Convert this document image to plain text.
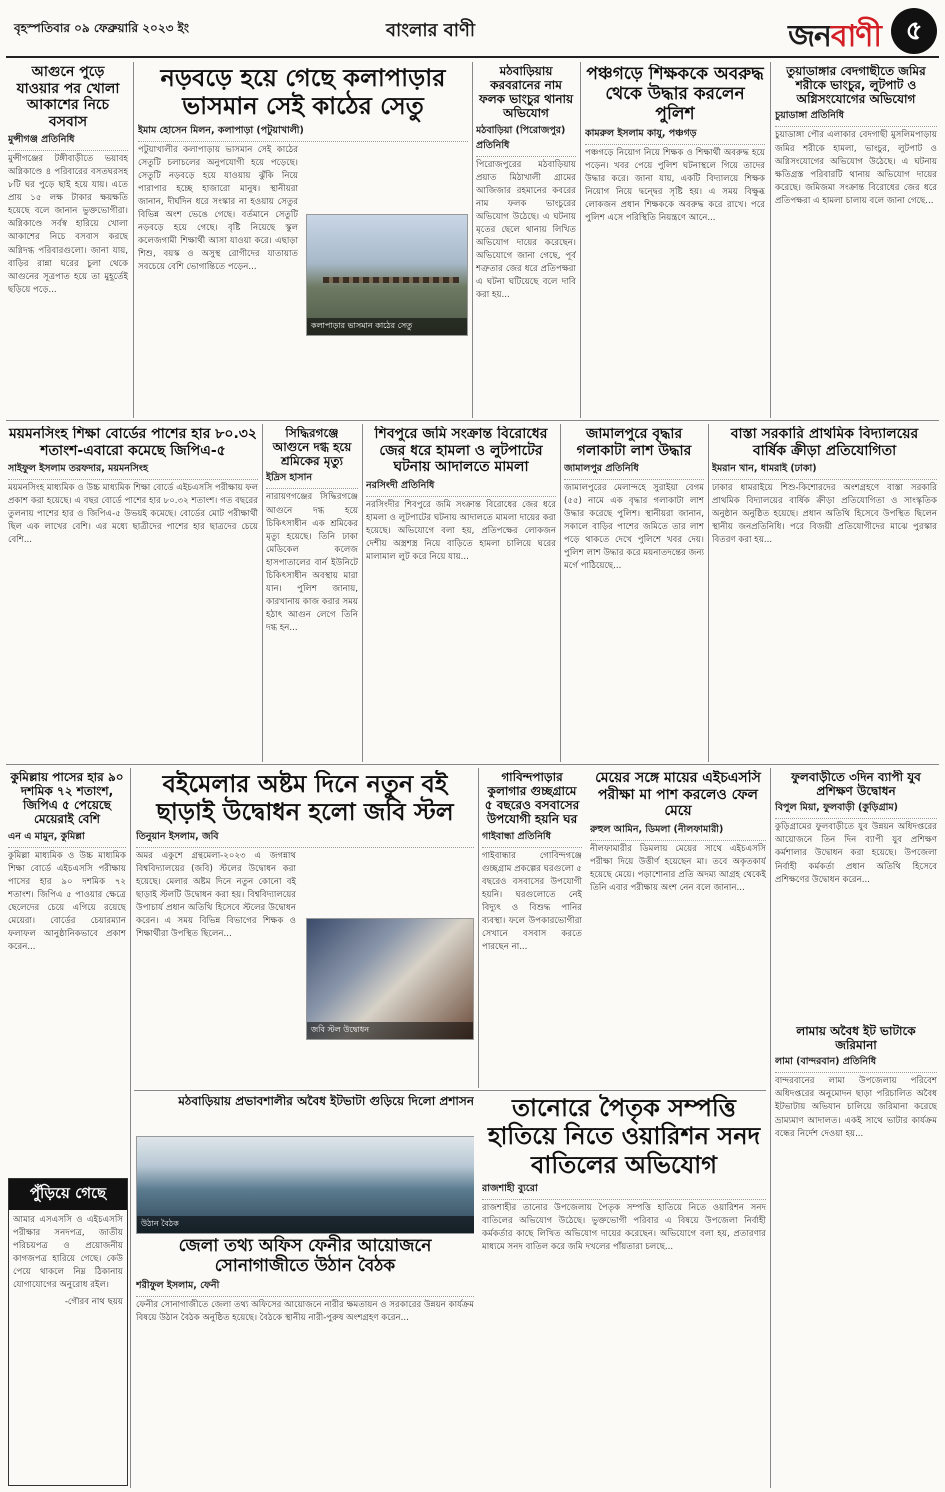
বৃহস্পতিবার ০৯ ফেব্রুয়ারি ২০২৩ ইং	বাংলার বাণী	জনবাণী ৫
আগুনে পুড়ে যাওয়ার পর খোলা আকাশের নিচে বসবাস
মুন্সীগঞ্জ প্রতিনিধি
মুন্সীগঞ্জের টঙ্গীবাড়ীতে ভয়াবহ অগ্নিকাণ্ডে ৪ পরিবারের বসতঘরসহ ৮টি ঘর পুড়ে ছাই হয়ে যায়। এতে প্রায় ১৫ লক্ষ টাকার ক্ষয়ক্ষতি হয়েছে বলে জানান ভুক্তভোগীরা। অগ্নিকাণ্ডে সর্বস্ব হারিয়ে খোলা আকাশের নিচে বসবাস করছে অগ্নিদগ্ধ পরিবারগুলো। জানা যায়, বাড়ির রান্না ঘরের চুলা থেকে আগুনের সূত্রপাত হয়ে তা মুহূর্তেই ছড়িয়ে পড়ে...
নড়বড়ে হয়ে গেছে কলাপাড়ার ভাসমান সেই কাঠের সেতু
ইমাম হোসেন মিলন, কলাপাড়া (পটুয়াখালী)
পটুয়াখালীর কলাপাড়ায় ভাসমান সেই কাঠের সেতুটি চলাচলের অনুপযোগী হয়ে পড়েছে। সেতুটি নড়বড়ে হয়ে যাওয়ায় ঝুঁকি নিয়ে পারাপার হচ্ছে হাজারো মানুষ। স্থানীয়রা জানান, দীর্ঘদিন ধরে সংস্কার না হওয়ায় সেতুর বিভিন্ন অংশ ভেঙে গেছে। বর্তমানে সেতুটি নড়বড়ে হয়ে গেছে। বৃষ্টি নিয়েছে স্কুল কলেজগামী শিক্ষার্থী আসা যাওয়া করে। এছাড়া শিশু, বয়স্ক ও অসুস্থ রোগীদের যাতায়াত সবচেয়ে বেশি ভোগান্তিতে পড়েন...
কলাপাড়ার ভাসমান কাঠের সেতু
মঠবাড়িয়ায় করবরানের নাম ফলক ভাংচুর থানায় অভিযোগ
মঠবাড়িয়া (পিরোজপুর) প্রতিনিধি
পিরোজপুরের মঠবাড়িয়ায় প্রয়াত মিঠাখালী গ্রামের আজিজার রহমানের কবরের নাম ফলক ভাংচুরের অভিযোগ উঠেছে। এ ঘটনায় মৃতের ছেলে থানায় লিখিত অভিযোগ দায়ের করেছেন। অভিযোগে জানা গেছে, পূর্ব শত্রুতার জের ধরে প্রতিপক্ষরা এ ঘটনা ঘটিয়েছে বলে দাবি করা হয়...
পঞ্চগড়ে শিক্ষককে অবরুদ্ধ থেকে উদ্ধার করলেন পুলিশ
কামরুল ইসলাম কাযু, পঞ্চগড়
পঞ্চগড়ে নিয়োগ নিয়ে শিক্ষক ও শিক্ষার্থী অবরুদ্ধ হয়ে পড়েন। খবর পেয়ে পুলিশ ঘটনাস্থলে গিয়ে তাদের উদ্ধার করে। জানা যায়, একটি বিদ্যালয়ে শিক্ষক নিয়োগ নিয়ে দ্বন্দ্বের সৃষ্টি হয়। এ সময় বিক্ষুব্ধ লোকজন প্রধান শিক্ষককে অবরুদ্ধ করে রাখে। পরে পুলিশ এসে পরিস্থিতি নিয়ন্ত্রণে আনে...
তুয়াডাঙ্গার বেদগাছীতে জমির শরীকে ভাংচুর, লুটপাট ও অগ্নিসংযোগের অভিযোগ
চুয়াডাঙ্গা প্রতিনিধি
চুয়াডাঙ্গা পৌর এলাকার বেদগাছী মুসলিমপাড়ায় জমির শরীকে হামলা, ভাংচুর, লুটপাট ও অগ্নিসংযোগের অভিযোগ উঠেছে। এ ঘটনায় ক্ষতিগ্রস্ত পরিবারটি থানায় অভিযোগ দায়ের করেছে। জমিজমা সংক্রান্ত বিরোধের জের ধরে প্রতিপক্ষরা এ হামলা চালায় বলে জানা গেছে...
ময়মনসিংহ শিক্ষা বোর্ডের পাশের হার ৮০.৩২ শতাংশ-এবারো কমেছে জিপিএ-৫
সাইফুল ইসলাম তরফদার, ময়মনসিংহ
ময়মনসিংহ মাধ্যমিক ও উচ্চ মাধ্যমিক শিক্ষা বোর্ডে এইচএসসি পরীক্ষায় ফল প্রকাশ করা হয়েছে। এ বছর বোর্ডে পাশের হার ৮০.৩২ শতাংশ। গত বছরের তুলনায় পাশের হার ও জিপিএ-৫ উভয়ই কমেছে। বোর্ডের মোট পরীক্ষার্থী ছিল এক লাখের বেশি। এর মধ্যে ছাত্রীদের পাশের হার ছাত্রদের চেয়ে বেশি...
সিদ্ধিরগঞ্জে আগুনে দগ্ধ হয়ে শ্রমিকের মৃত্যু
ইদ্রিস হাসান
নারায়ণগঞ্জের সিদ্ধিরগঞ্জে আগুনে দগ্ধ হয়ে চিকিৎসাধীন এক শ্রমিকের মৃত্যু হয়েছে। তিনি ঢাকা মেডিকেল কলেজ হাসপাতালের বার্ন ইউনিটে চিকিৎসাধীন অবস্থায় মারা যান। পুলিশ জানায়, কারখানায় কাজ করার সময় হঠাৎ আগুন লেগে তিনি দগ্ধ হন...
শিবপুরে জমি সংক্রান্ত বিরোধের জের ধরে হামলা ও লুটপাটের ঘটনায় আদালতে মামলা
নরসিংদী প্রতিনিধি
নরসিংদীর শিবপুরে জমি সংক্রান্ত বিরোধের জের ধরে হামলা ও লুটপাটের ঘটনায় আদালতে মামলা দায়ের করা হয়েছে। অভিযোগে বলা হয়, প্রতিপক্ষের লোকজন দেশীয় অস্ত্রশস্ত্র নিয়ে বাড়িতে হামলা চালিয়ে ঘরের মালামাল লুট করে নিয়ে যায়...
জামালপুরে বৃদ্ধার গলাকাটা লাশ উদ্ধার
জামালপুর প্রতিনিধি
জামালপুরের মেলান্দহে সুরাইয়া বেগম (৫৫) নামে এক বৃদ্ধার গলাকাটা লাশ উদ্ধার করেছে পুলিশ। স্থানীয়রা জানান, সকালে বাড়ির পাশের জমিতে তার লাশ পড়ে থাকতে দেখে পুলিশে খবর দেয়। পুলিশ লাশ উদ্ধার করে ময়নাতদন্তের জন্য মর্গে পাঠিয়েছে...
বাস্তা সরকারি প্রাথমিক বিদ্যালয়ের বার্ষিক ক্রীড়া প্রতিযোগিতা
ইমরান খান, ধামরাই (ঢাকা)
ঢাকার ধামরাইয়ে শিশু-কিশোরদের অংশগ্রহণে বাস্তা সরকারি প্রাথমিক বিদ্যালয়ের বার্ষিক ক্রীড়া প্রতিযোগিতা ও সাংস্কৃতিক অনুষ্ঠান অনুষ্ঠিত হয়েছে। প্রধান অতিথি হিসেবে উপস্থিত ছিলেন স্থানীয় জনপ্রতিনিধি। পরে বিজয়ী প্রতিযোগীদের মাঝে পুরস্কার বিতরণ করা হয়...
কুমিল্লায় পাসের হার ৯০ দশমিক ৭২ শতাংশ, জিপিএ ৫ পেয়েছে মেয়েরাই বেশি
এন এ মামুন, কুমিল্লা
কুমিল্লা মাধ্যমিক ও উচ্চ মাধ্যমিক শিক্ষা বোর্ডে এইচএসসি পরীক্ষায় পাসের হার ৯০ দশমিক ৭২ শতাংশ। জিপিএ ৫ পাওয়ার ক্ষেত্রে ছেলেদের চেয়ে এগিয়ে রয়েছে মেয়েরা। বোর্ডের চেয়ারম্যান ফলাফল আনুষ্ঠানিকভাবে প্রকাশ করেন...
পুঁড়িয়ে গেছে
আমার এসএসসি ও এইচএসসি পরীক্ষার সনদপত্র, জাতীয় পরিচয়পত্র ও প্রয়োজনীয় কাগজপত্র হারিয়ে গেছে। কেউ পেয়ে থাকলে নিম্ন ঠিকানায় যোগাযোগের অনুরোধ রইল।
-গৌরব নাথ ছয়য়
বইমেলার অষ্টম দিনে নতুন বই ছাড়াই উদ্বোধন হলো জবি স্টল
তিনুয়ান ইসলাম, জবি
অমর একুশে গ্রন্থমেলা-২০২৩ এ জগন্নাথ বিশ্ববিদ্যালয়ের (জবি) স্টলের উদ্বোধন করা হয়েছে। মেলার অষ্টম দিনে নতুন কোনো বই ছাড়াই স্টলটি উদ্বোধন করা হয়। বিশ্ববিদ্যালয়ের উপাচার্য প্রধান অতিথি হিসেবে স্টলের উদ্বোধন করেন। এ সময় বিভিন্ন বিভাগের শিক্ষক ও শিক্ষার্থীরা উপস্থিত ছিলেন...
জবি স্টল উদ্বোধন
গাবিন্দপাড়ার কুলাগার গুচ্ছগ্রামে ৫ বছরেও বসবাসের উপযোগী হয়নি ঘর
গাইবান্ধা প্রতিনিধি
গাইবান্ধার গোবিন্দগঞ্জে গুচ্ছগ্রাম প্রকল্পের ঘরগুলো ৫ বছরেও বসবাসের উপযোগী হয়নি। ঘরগুলোতে নেই বিদ্যুৎ ও বিশুদ্ধ পানির ব্যবস্থা। ফলে উপকারভোগীরা সেখানে বসবাস করতে পারছেন না...
মেয়ের সঙ্গে মায়ের এইচএসসি পরীক্ষা মা পাশ করলেও ফেল মেয়ে
রুহুল আমিন, ডিমলা (নীলফামারী)
নীলফামারীর ডিমলায় মেয়ের সাথে এইচএসসি পরীক্ষা দিয়ে উত্তীর্ণ হয়েছেন মা। তবে অকৃতকার্য হয়েছে মেয়ে। পড়াশোনার প্রতি অদম্য আগ্রহ থেকেই তিনি এবার পরীক্ষায় অংশ নেন বলে জানান...
ফুলবাড়ীতে ৩দিন ব্যাপী যুব প্রশিক্ষণ উদ্বোধন
বিপুল মিয়া, ফুলবাড়ী (কুড়িগ্রাম)
কুড়িগ্রামের ফুলবাড়ীতে যুব উন্নয়ন অধিদপ্তরের আয়োজনে তিন দিন ব্যাপী যুব প্রশিক্ষণ কর্মশালার উদ্বোধন করা হয়েছে। উপজেলা নির্বাহী কর্মকর্তা প্রধান অতিথি হিসেবে প্রশিক্ষণের উদ্বোধন করেন...
লামায় অবৈধ ইট ভাটাকে জরিমানা
লামা (বান্দরবান) প্রতিনিধি
বান্দরবানের লামা উপজেলায় পরিবেশ অধিদপ্তরের অনুমোদন ছাড়া পরিচালিত অবৈধ ইটভাটায় অভিযান চালিয়ে জরিমানা করেছে ভ্রাম্যমাণ আদালত। একই সাথে ভাটার কার্যক্রম বন্ধের নির্দেশ দেওয়া হয়...
মঠবাড়িয়ায় প্রভাবশালীর অবৈধ ইটভাটা গুড়িয়ে দিলো প্রশাসন
উঠান বৈঠক
জেলা তথ্য অফিস ফেনীর আয়োজনে সোনাগাজীতে উঠান বৈঠক
শরীফুল ইসলাম, ফেনী
ফেনীর সোনাগাজীতে জেলা তথ্য অফিসের আয়োজনে নারীর ক্ষমতায়ন ও সরকারের উন্নয়ন কার্যক্রম বিষয়ে উঠান বৈঠক অনুষ্ঠিত হয়েছে। বৈঠকে স্থানীয় নারী-পুরুষ অংশগ্রহণ করেন...
তানোরে পৈতৃক সম্পত্তি হাতিয়ে নিতে ওয়ারিশন সনদ বাতিলের অভিযোগ
রাজশাহী ব্যুরো
রাজশাহীর তানোর উপজেলায় পৈতৃক সম্পত্তি হাতিয়ে নিতে ওয়ারিশন সনদ বাতিলের অভিযোগ উঠেছে। ভুক্তভোগী পরিবার এ বিষয়ে উপজেলা নির্বাহী কর্মকর্তার কাছে লিখিত অভিযোগ দায়ের করেছেন। অভিযোগে বলা হয়, প্রতারণার মাধ্যমে সনদ বাতিল করে জমি দখলের পাঁয়তারা চলছে...
